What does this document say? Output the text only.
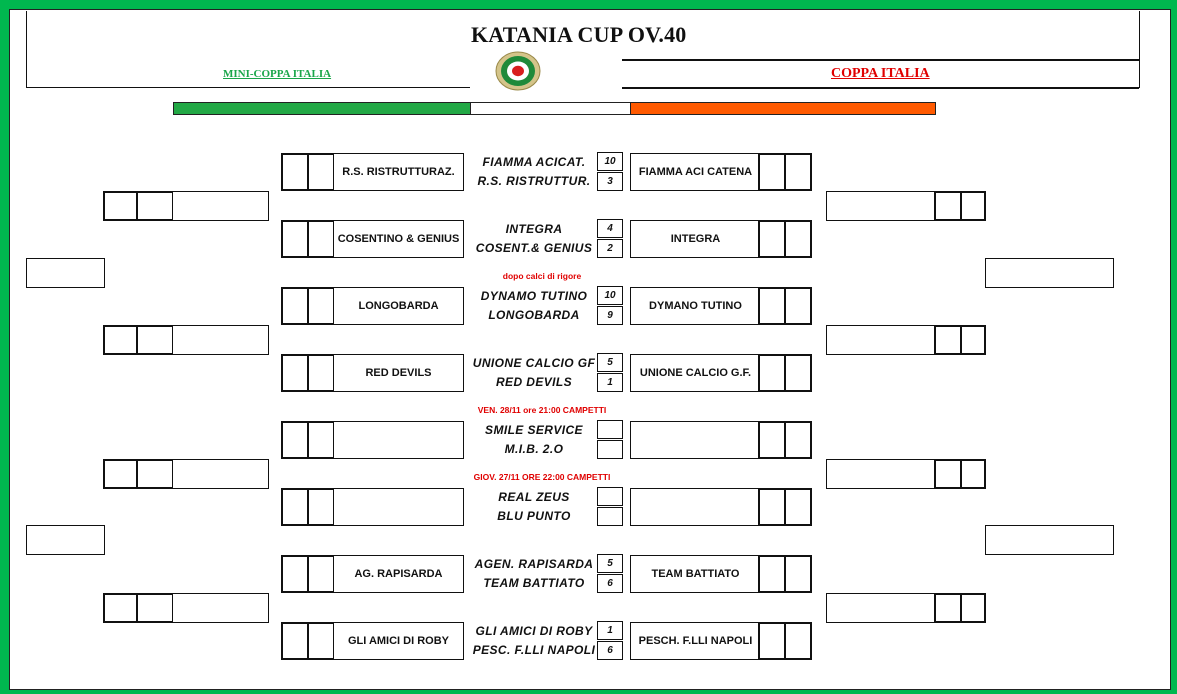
KATANIA CUP OV.40
MINI-COPPA ITALIA	COPPA ITALIA
R.S. RISTRUTTURAZ.
FIAMMA ACICAT.
R.S. RISTRUTTUR.
10
3
FIAMMA ACI CATENA
COSENTINO & GENIUS
INTEGRA
COSENT.& GENIUS
4
2
INTEGRA
LONGOBARDA
DYNAMO TUTINO
LONGOBARDA
10
9
DYMANO TUTINO
dopo calci di rigore
RED DEVILS
UNIONE CALCIO GF
RED DEVILS
5
1
UNIONE CALCIO G.F.
SMILE SERVICE
M.I.B. 2.O
VEN. 28/11 ore 21:00 CAMPETTI
REAL ZEUS
BLU PUNTO
GIOV. 27/11 ORE 22:00 CAMPETTI
AG. RAPISARDA
AGEN. RAPISARDA
TEAM BATTIATO
5
6
TEAM BATTIATO
GLI AMICI DI ROBY
GLI AMICI DI ROBY
PESC. F.LLI NAPOLI
1
6
PESCH. F.LLI NAPOLI
